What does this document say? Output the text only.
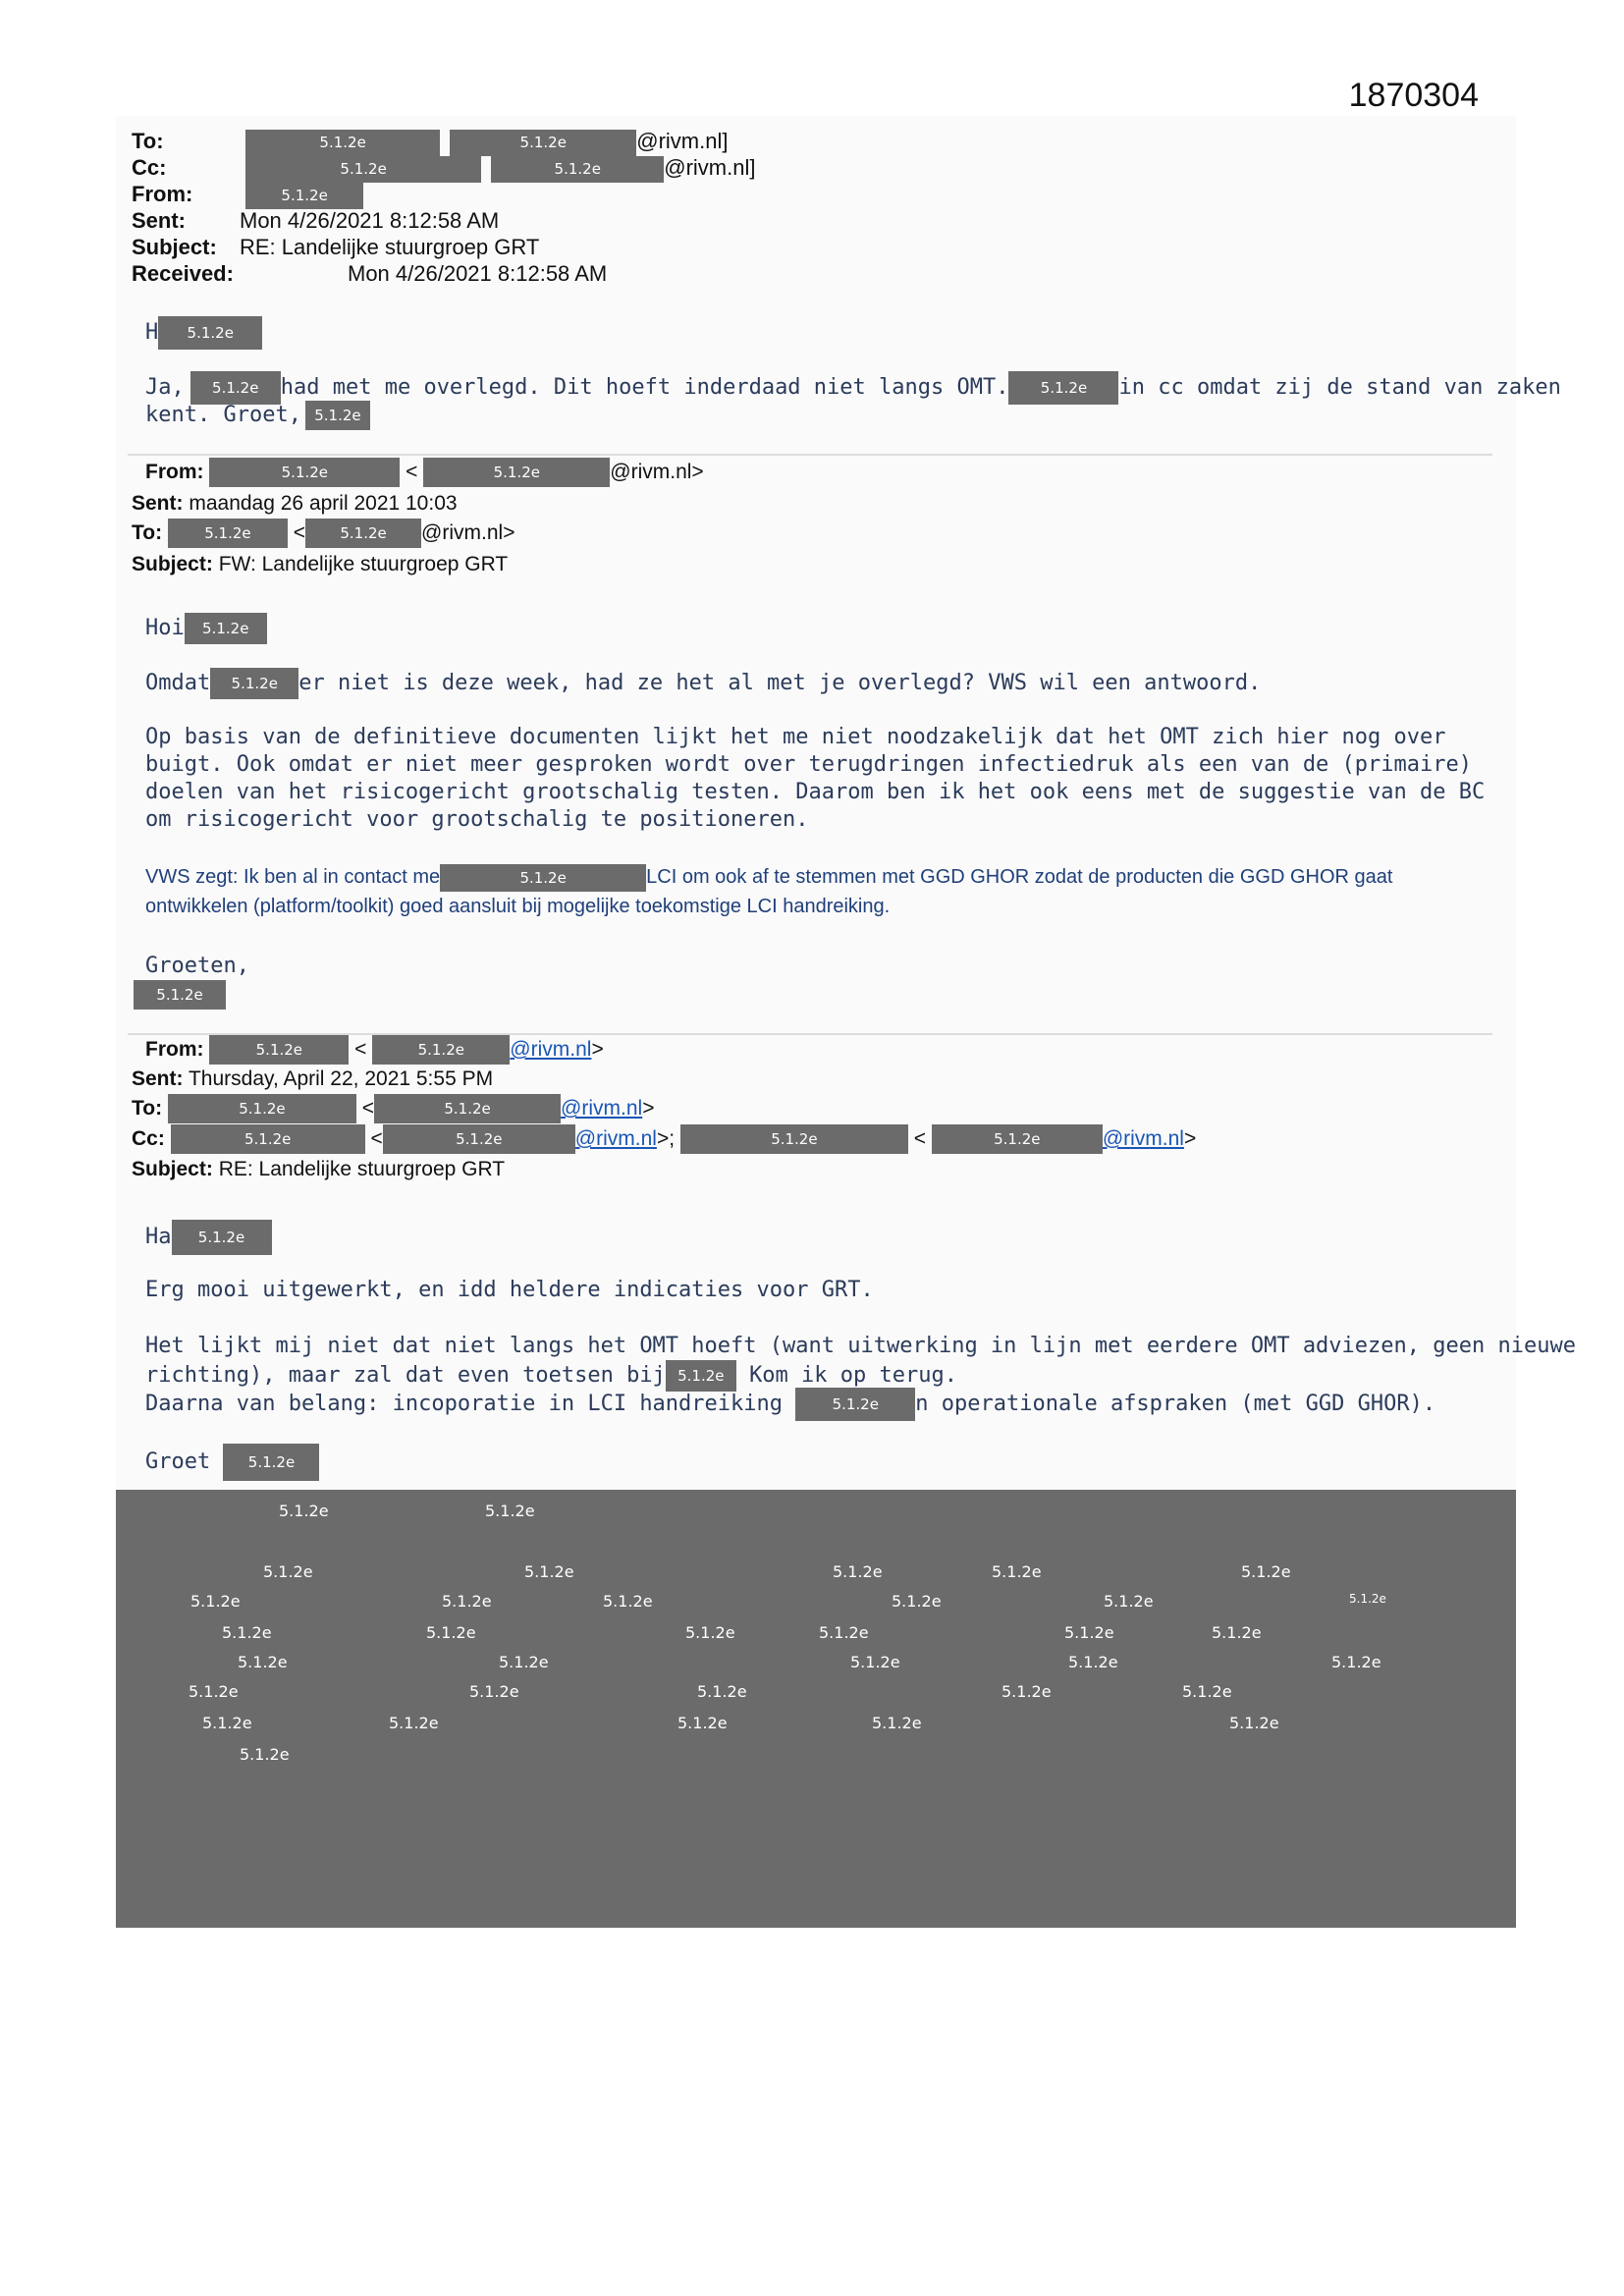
1870304
To:	5.1.2e	5.1.2e	@rivm.nl]
Cc:	5.1.2e	5.1.2e	@rivm.nl]
From:	5.1.2e
Sent:	Mon 4/26/2021 8:12:58 AM
Subject: RE: Landelijke stuurgroep GRT
Received:	Mon 4/26/2021 8:12:58 AM
H 5.1.2e
Ja, 5.1.2e had met me overlegd. Dit hoeft inderdaad niet langs OMT. 5.1.2e in cc omdat zij de stand van zaken
kent. Groet, 5.1.2e
From:	5.1.2e	<	5.1.2e	@rivm.nl>
Sent: maandag 26 april 2021 10:03
To:	5.1.2e < 5.1.2e @rivm.nl>
Subject: FW: Landelijke stuurgroep GRT
Hoi 5.1.2e
Omdat 5.1.2e er niet is deze week, had ze het al met je overlegd? VWS wil een antwoord.
Op basis van de definitieve documenten lijkt het me niet noodzakelijk dat het OMT zich hier nog over buigt. Ook omdat er niet meer gesproken wordt over terugdringen infectiedruk als een van de (primaire) doelen van het risicogericht grootschalig testen. Daarom ben ik het ook eens met de suggestie van de BC om risicogericht voor grootschalig te positioneren.
VWS zegt: Ik ben al in contact me	5.1.2e	LCI om ook af te stemmen met GGD GHOR zodat de producten die GGD GHOR gaat ontwikkelen (platform/toolkit) goed aansluit bij mogelijke toekomstige LCI handreiking.
Groeten,
5.1.2e
From:	5.1.2e <	5.1.2e @rivm.nl>
Sent: Thursday, April 22, 2021 5:55 PM
To:	5.1.2e	<	5.1.2e	@rivm.nl>
Cc:	5.1.2e	<	5.1.2e	@rivm.nl>;	5.1.2e	<	5.1.2e	@rivm.nl>
Subject: RE: Landelijke stuurgroep GRT
Ha 5.1.2e
Erg mooi uitgewerkt, en idd heldere indicaties voor GRT.
Het lijkt mij niet dat niet langs het OMT hoeft (want uitwerking in lijn met eerdere OMT adviezen, geen nieuwe
richting), maar zal dat even toetsen bij 5.1.2e Kom ik op terug.
Daarna van belang: incoporatie in LCI handreiking	5.1.2e n operationale afspraken (met GGD GHOR).
Groet	5.1.2e
5.1.2e	5.1.2e
5.1.2e	5.1.2e	5.1.2e	5.1.2e	5.1.2e
5.1.2e	5.1.2e	5.1.2e	5.1.2e	5.1.2e	5.1.2e
5.1.2e	5.1.2e	5.1.2e	5.1.2e	5.1.2e	5.1.2e
5.1.2e	5.1.2e	5.1.2e	5.1.2e	5.1.2e
5.1.2e	5.1.2e	5.1.2e	5.1.2e	5.1.2e
5.1.2e	5.1.2e	5.1.2e	5.1.2e	5.1.2e
5.1.2e
